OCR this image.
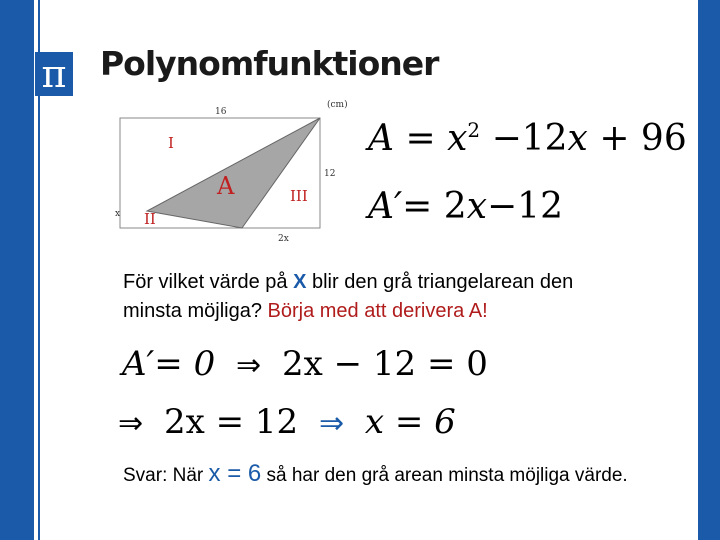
π Polynomfunktioner
16
(cm)
12
2x
x
I
II
III
A
$A = x^2 -12x + 96$
A′= 2x−12
För vilket värde på X blir den grå triangelarean den
minsta möjliga? Börja med att derivera A!
A′= 0 ⇒ 2x − 12 = 0
⇒ 2x = 12 ⇒ x = 6
Svar: När x = 6 så har den grå arean minsta möjliga värde.
